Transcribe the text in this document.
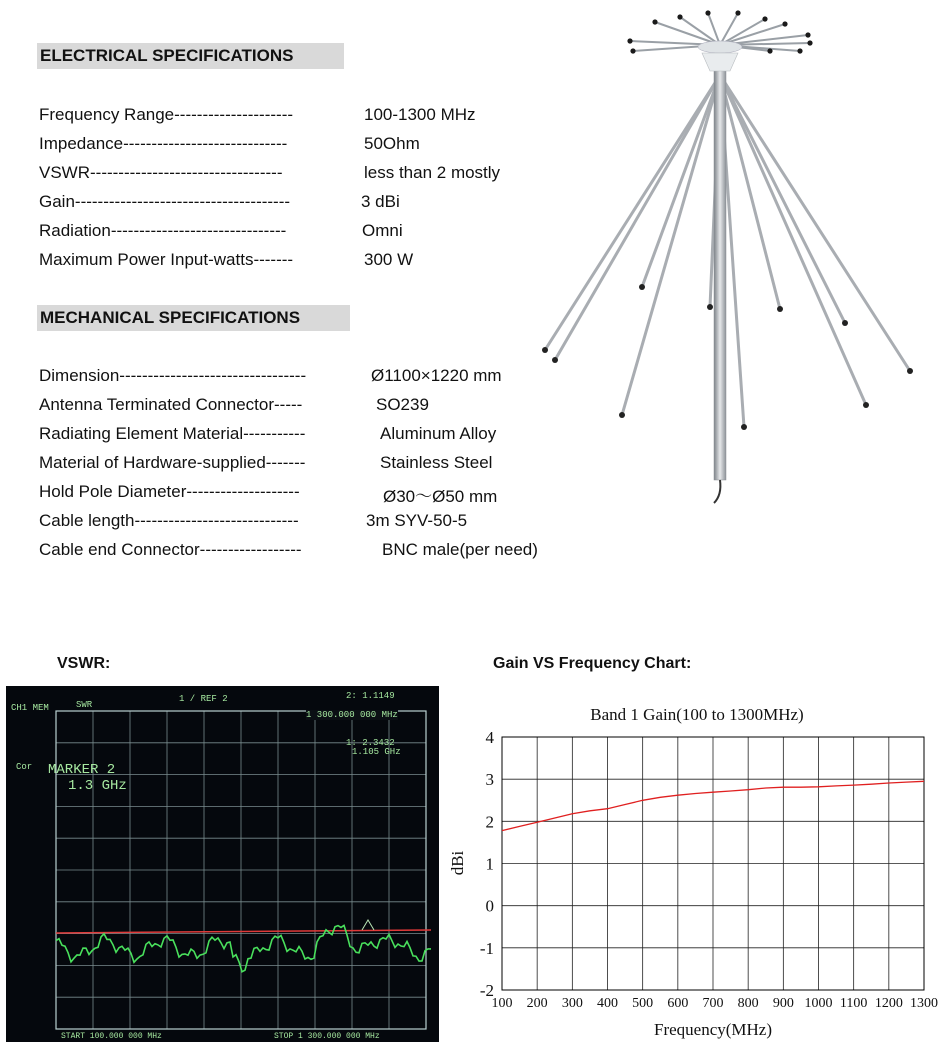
ELECTRICAL SPECIFICATIONS
Frequency Range---------------------	100-1300 MHz
Impedance-----------------------------	50Ohm
VSWR----------------------------------	less than 2 mostly
Gain--------------------------------------	3 dBi
Radiation-------------------------------	Omni
Maximum Power Input-watts-------	300 W
MECHANICAL SPECIFICATIONS
Dimension---------------------------------	Ø1100×1220 mm
Antenna Terminated Connector-----	SO239
Radiating Element Material-----------	Aluminum Alloy
Material of Hardware-supplied-------	Stainless Steel
Hold Pole Diameter--------------------	Ø30～Ø50 mm
Cable length-----------------------------	3m SYV-50-5
Cable end Connector------------------	BNC male(per need)
VSWR:
CH1 MEM	SWR
1 / REF 2	2: 1.1149
1 300.000 000 MHz
1: 2.3432
1.105 GHz
MARKER 2
1.3 GHz
Cor
START 100.000 000 MHz	STOP 1 300.000 000 MHz
Gain VS Frequency Chart:
Band 1 Gain(100 to 1300MHz)
4
3
2
1
0
-1
-2
100 200 300 400 500 600 700 800 900 1000 1100 1200 1300
Frequency(MHz)
dBi
